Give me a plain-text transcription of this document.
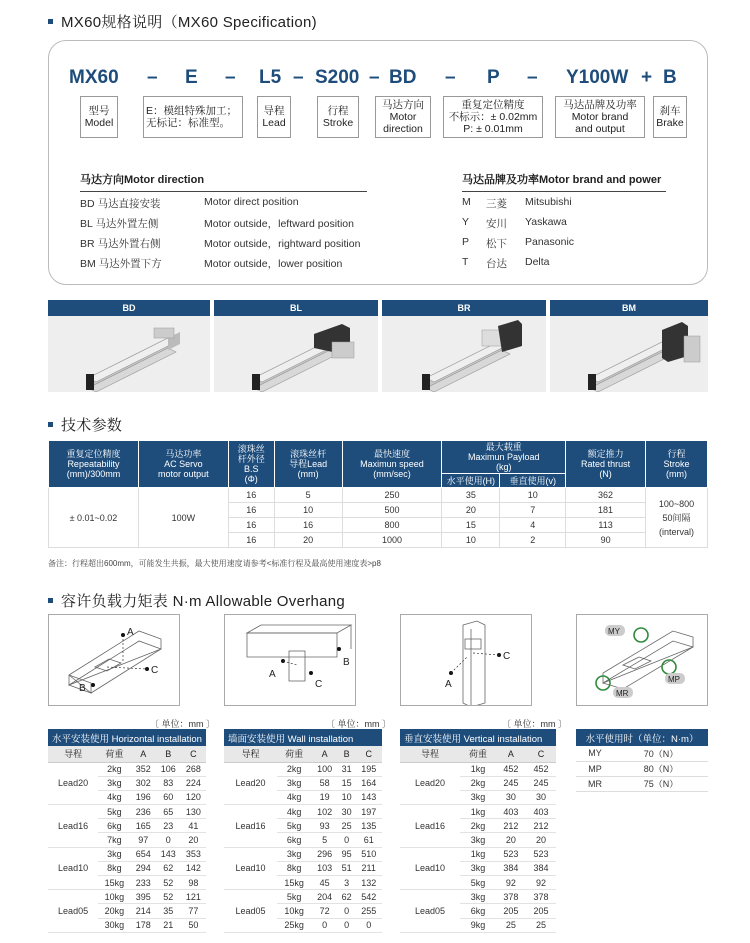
MX60规格说明（MX60 Specification)
MX60 – E – L5 – S200 – BD – P – Y100W + B
型号
Model
E：模组特殊加工；
无标记：标准型。
导程
Lead
行程
Stroke
马达方向
Motor
direction
重复定位精度
不标示：± 0.02mm
P: ± 0.01mm
马达品牌及功率
Motor brand
and output
刹车
Brake
马达方向Motor direction
BD 马达直接安装	Motor direct position
BL 马达外置左侧	Motor outside，leftward position
BR 马达外置右侧	Motor outside，rightward position
BM 马达外置下方	Motor outside，lower position
马达品牌及功率Motor brand and power
M 三菱 Mitsubishi
Y 安川 Yaskawa
P 松下 Panasonic
T 台达 Delta
BD	BL	BR	BM
技术参数
重复定位精度
Repeatability
(mm)/300mm	马达功率
AC Servo
motor output	滚珠丝
杆外径
B.S
(Φ)	滚珠丝杆
导程Lead
(mm)	最快速度
Maximun speed
(mm/sec)	最大载重
Maximun Payload
(kg)		额定推力
Rated thrust
(N)	行程
Stroke
(mm)
					水平使用(H)	垂直使用(v)		
± 0.01~0.02	100W	16	5	250	35	10	362	100~800
50间隔
(interval)
		16	10	500	20	7	181	
		16	16	800	15	4	113	
		16	20	1000	10	2	90	
备注：行程超出600mm，可能发生共振，最大使用速度请参考<标准行程及最高使用速度表>p8
容许负载力矩表 N·m Allowable Overhang
A
C
B
A
C
B
C
A
MY
MP
MR
〔 单位：mm 〕	〔 单位：mm 〕	〔 单位：mm 〕
水平安装使用 Horizontal installation				
导程	荷重	A	B	C
Lead20	2kg	352	106	268
	3kg	302	83	224
	4kg	196	60	120
Lead16	5kg	236	65	130
	6kg	165	23	41
	7kg	97	0	20
Lead10	3kg	654	143	353
	8kg	294	62	142
	15kg	233	52	98
Lead05	10kg	395	52	121
	20kg	214	35	77
	30kg	178	21	50
墙面安装使用 Wall installation				
导程	荷重	A	B	C
Lead20	2kg	100	31	195
	3kg	58	15	164
	4kg	19	10	143
Lead16	4kg	102	30	197
	5kg	93	25	135
	6kg	5	0	61
Lead10	3kg	296	95	510
	8kg	103	51	211
	15kg	45	3	132
Lead05	5kg	204	62	542
	10kg	72	0	255
	25kg	0	0	0
垂直安装使用 Vertical installation			
导程	荷重	A	C
Lead20	1kg	452	452
	2kg	245	245
	3kg	30	30
Lead16	1kg	403	403
	2kg	212	212
	3kg	20	20
Lead10	1kg	523	523
	3kg	384	384
	5kg	92	92
Lead05	3kg	378	378
	6kg	205	205
	9kg	25	25
水平使用时（单位：N·m）	
MY	70（N）
MP	80（N）
MR	75（N）
